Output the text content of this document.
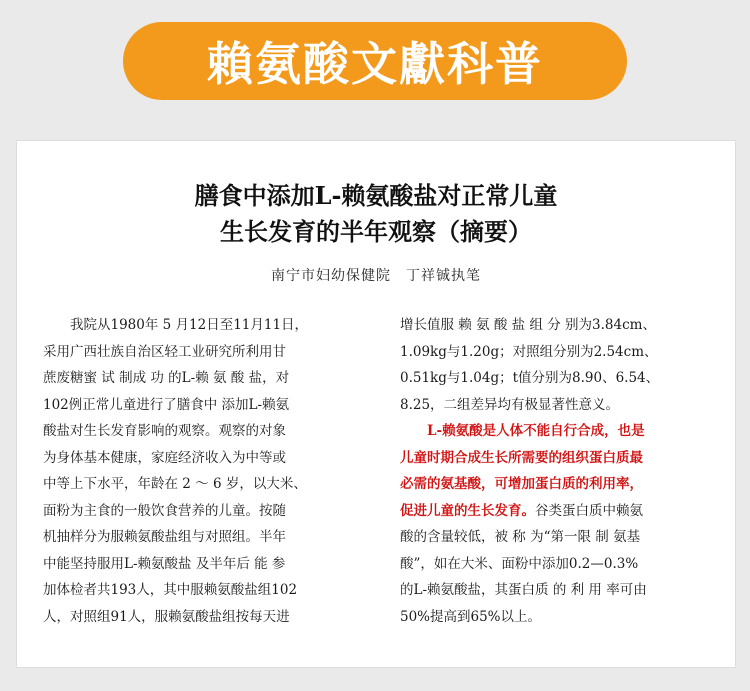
賴氨酸文獻科普
膳食中添加L-赖氨酸盐对正常儿童
生长发育的半年观察（摘要）
南宁市妇幼保健院　丁祥铖执笔
　　我院从1980年 5 月12日至11月11日，
采用广西壮族自治区轻工业研究所利用甘
蔗废糖蜜 试 制成 功 的L-赖 氨 酸 盐，对
102例正常儿童进行了膳食中 添加L-赖氨
酸盐对生长发育影响的观察。观察的对象
为身体基本健康，家庭经济收入为中等或
中等上下水平，年龄在 2 ～ 6 岁，以大米、
面粉为主食的一般饮食营养的儿童。按随
机抽样分为服赖氨酸盐组与对照组。半年
中能坚持服用L-赖氨酸盐 及半年后 能 参
加体检者共193人，其中服赖氨酸盐组102
人，对照组91人，服赖氨酸盐组按每天进
增长值服 赖 氨 酸 盐 组 分 别为3.84cm、
1.09kg与1.20g；对照组分别为2.54cm、
0.51kg与1.04g；t值分别为8.90、6.54、
8.25，二组差异均有极显著性意义。
　　L-赖氨酸是人体不能自行合成，也是
儿童时期合成生长所需要的组织蛋白质最
必需的氨基酸，可增加蛋白质的利用率，
促进儿童的生长发育。谷类蛋白质中赖氨
酸的含量较低，被 称 为“第一限 制 氨基
酸”，如在大米、面粉中添加0.2—0.3%
的L-赖氨酸盐，其蛋白质 的 利 用 率可由
50%提高到65%以上。
